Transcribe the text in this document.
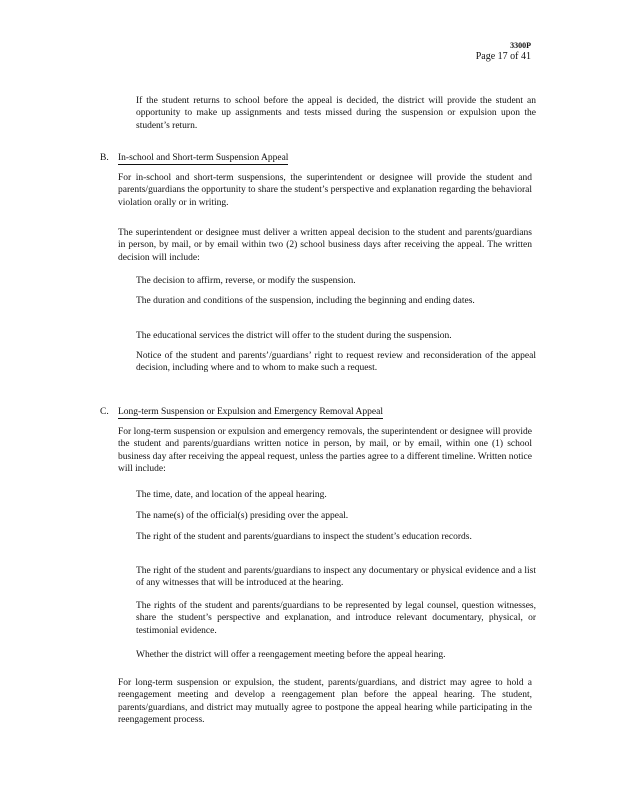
3300P
Page 17 of 41
If the student returns to school before the appeal is decided, the district will provide the student an opportunity to make up assignments and tests missed during the suspension or expulsion upon the student’s return.
B. In-school and Short-term Suspension Appeal
For in-school and short-term suspensions, the superintendent or designee will provide the student and parents/guardians the opportunity to share the student’s perspective and explanation regarding the behavioral violation orally or in writing.
The superintendent or designee must deliver a written appeal decision to the student and parents/guardians in person, by mail, or by email within two (2) school business days after receiving the appeal. The written decision will include:
The decision to affirm, reverse, or modify the suspension.
The duration and conditions of the suspension, including the beginning and ending dates.
The educational services the district will offer to the student during the suspension.
Notice of the student and parents’/guardians’ right to request review and reconsideration of the appeal decision, including where and to whom to make such a request.
C. Long-term Suspension or Expulsion and Emergency Removal Appeal
For long-term suspension or expulsion and emergency removals, the superintendent or designee will provide the student and parents/guardians written notice in person, by mail, or by email, within one (1) school business day after receiving the appeal request, unless the parties agree to a different timeline. Written notice will include:
The time, date, and location of the appeal hearing.
The name(s) of the official(s) presiding over the appeal.
The right of the student and parents/guardians to inspect the student’s education records.
The right of the student and parents/guardians to inspect any documentary or physical evidence and a list of any witnesses that will be introduced at the hearing.
The rights of the student and parents/guardians to be represented by legal counsel, question witnesses, share the student’s perspective and explanation, and introduce relevant documentary, physical, or testimonial evidence.
Whether the district will offer a reengagement meeting before the appeal hearing.
For long-term suspension or expulsion, the student, parents/guardians, and district may agree to hold a reengagement meeting and develop a reengagement plan before the appeal hearing. The student, parents/guardians, and district may mutually agree to postpone the appeal hearing while participating in the reengagement process.
